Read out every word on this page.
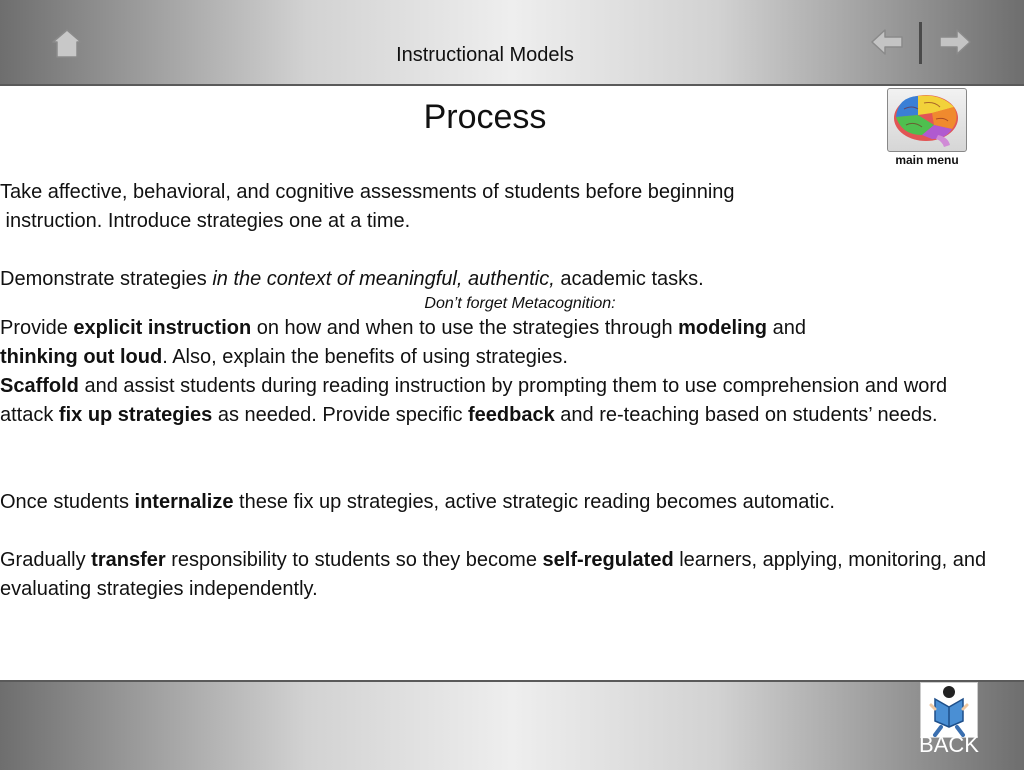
Instructional Models
Process
main menu

Take affective, behavioral, and cognitive assessments of students before beginning

instruction. Introduce strategies one at a time.

Demonstrate strategies in the context of meaningful, authentic, academic tasks.

Don’t forget Metacognition:

Provide explicit instruction on how and when to use the strategies through modeling and
thinking out loud. Also, explain the benefits of using strategies.

Scaffold and assist students during reading instruction by prompting them to use comprehension and word attack fix up strategies as needed. Provide specific feedback and re-teaching based on students’ needs.

Once students internalize these fix up strategies, active strategic reading becomes automatic.

Gradually transfer responsibility to students so they become self-regulated learners, applying, monitoring, and evaluating strategies independently.

BACK
